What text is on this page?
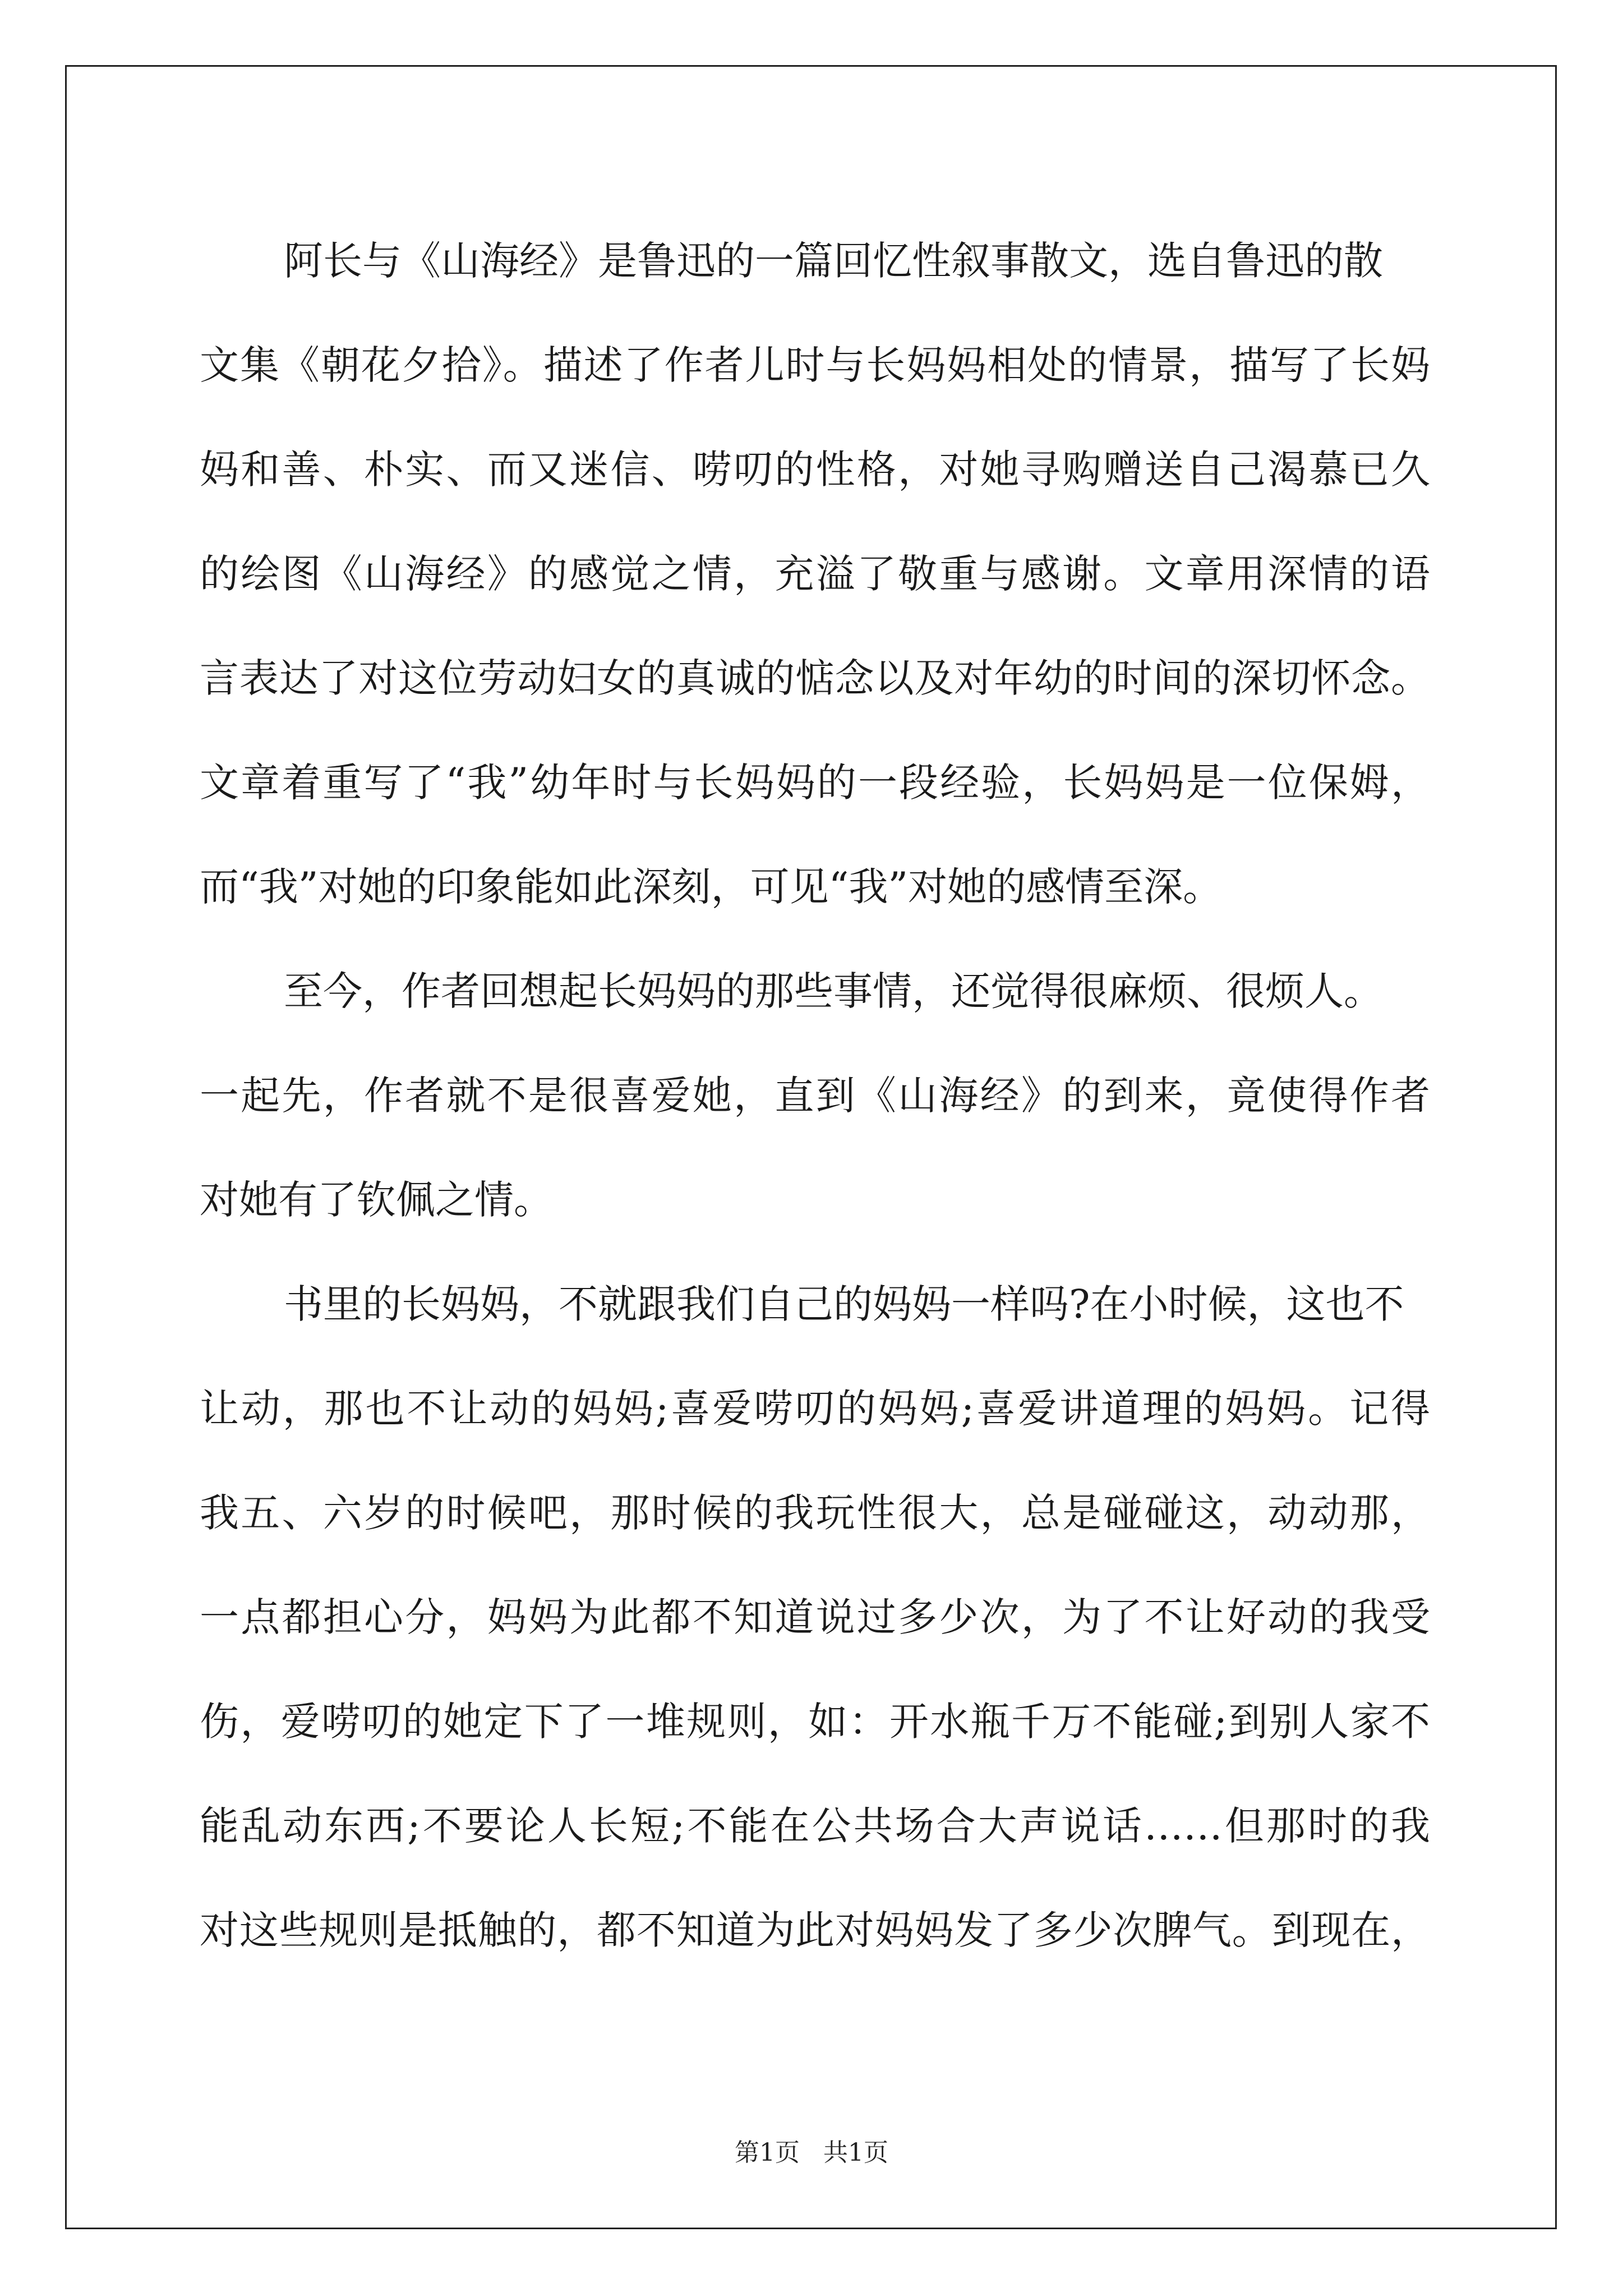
阿长与《山海经》是鲁迅的一篇回忆性叙事散文，选自鲁迅的散
文集《朝花夕拾》。描述了作者儿时与长妈妈相处的情景，描写了长妈
妈和善、朴实、而又迷信、唠叨的性格，对她寻购赠送自己渴慕已久
的绘图《山海经》的感觉之情，充溢了敬重与感谢。文章用深情的语
言表达了对这位劳动妇女的真诚的惦念以及对年幼的时间的深切怀念。
文章着重写了“我”幼年时与长妈妈的一段经验，长妈妈是一位保姆，
而“我”对她的印象能如此深刻，可见“我”对她的感情至深。
至今，作者回想起长妈妈的那些事情，还觉得很麻烦、很烦人。
一起先，作者就不是很喜爱她，直到《山海经》的到来，竟使得作者
对她有了钦佩之情。
书里的长妈妈，不就跟我们自己的妈妈一样吗?在小时候，这也不
让动，那也不让动的妈妈;喜爱唠叨的妈妈;喜爱讲道理的妈妈。记得
我五、六岁的时候吧，那时候的我玩性很大，总是碰碰这，动动那，
一点都担心分，妈妈为此都不知道说过多少次，为了不让好动的我受
伤，爱唠叨的她定下了一堆规则，如：开水瓶千万不能碰;到别人家不
能乱动东西;不要论人长短;不能在公共场合大声说话……但那时的我
对这些规则是抵触的，都不知道为此对妈妈发了多少次脾气。到现在，
第1页 共1页
